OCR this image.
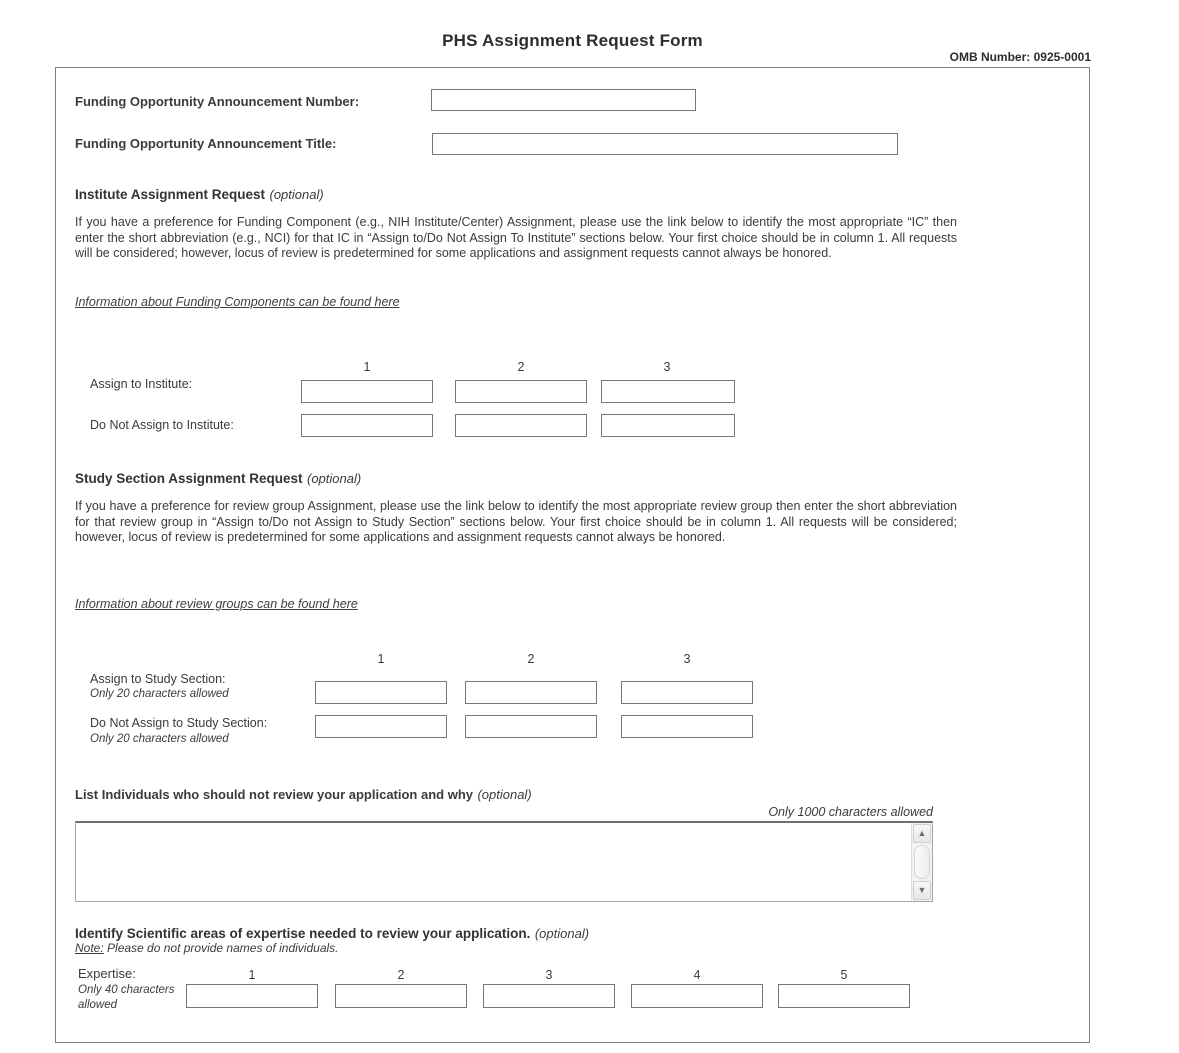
PHS Assignment Request Form
OMB Number: 0925-0001
Funding Opportunity Announcement Number:
Funding Opportunity Announcement Title:
Institute Assignment Request (optional)
If you have a preference for Funding Component (e.g., NIH Institute/Center) Assignment, please use the link below to identify the most appropriate “IC” then enter the short abbreviation (e.g., NCI) for that IC in “Assign to/Do Not Assign To Institute” sections below. Your first choice should be in column 1. All requests will be considered; however, locus of review is predetermined for some applications and assignment requests cannot always be honored.
Information about Funding Components can be found here
1	2	3
Assign to Institute:
Do Not Assign to Institute:
Study Section Assignment Request (optional)
If you have a preference for review group Assignment, please use the link below to identify the most appropriate review group then enter the short abbreviation for that review group in “Assign to/Do not Assign to Study Section” sections below. Your first choice should be in column 1. All requests will be considered; however, locus of review is predetermined for some applications and assignment requests cannot always be honored.
Information about review groups can be found here
1	2	3
Assign to Study Section:
Only 20 characters allowed
Do Not Assign to Study Section:
Only 20 characters allowed
List Individuals who should not review your application and why (optional)
Only 1000 characters allowed
▲
▼
Identify Scientific areas of expertise needed to review your application. (optional)
Note: Please do not provide names of individuals.
Expertise:
Only 40 characters allowed
1	2	3	4	5
